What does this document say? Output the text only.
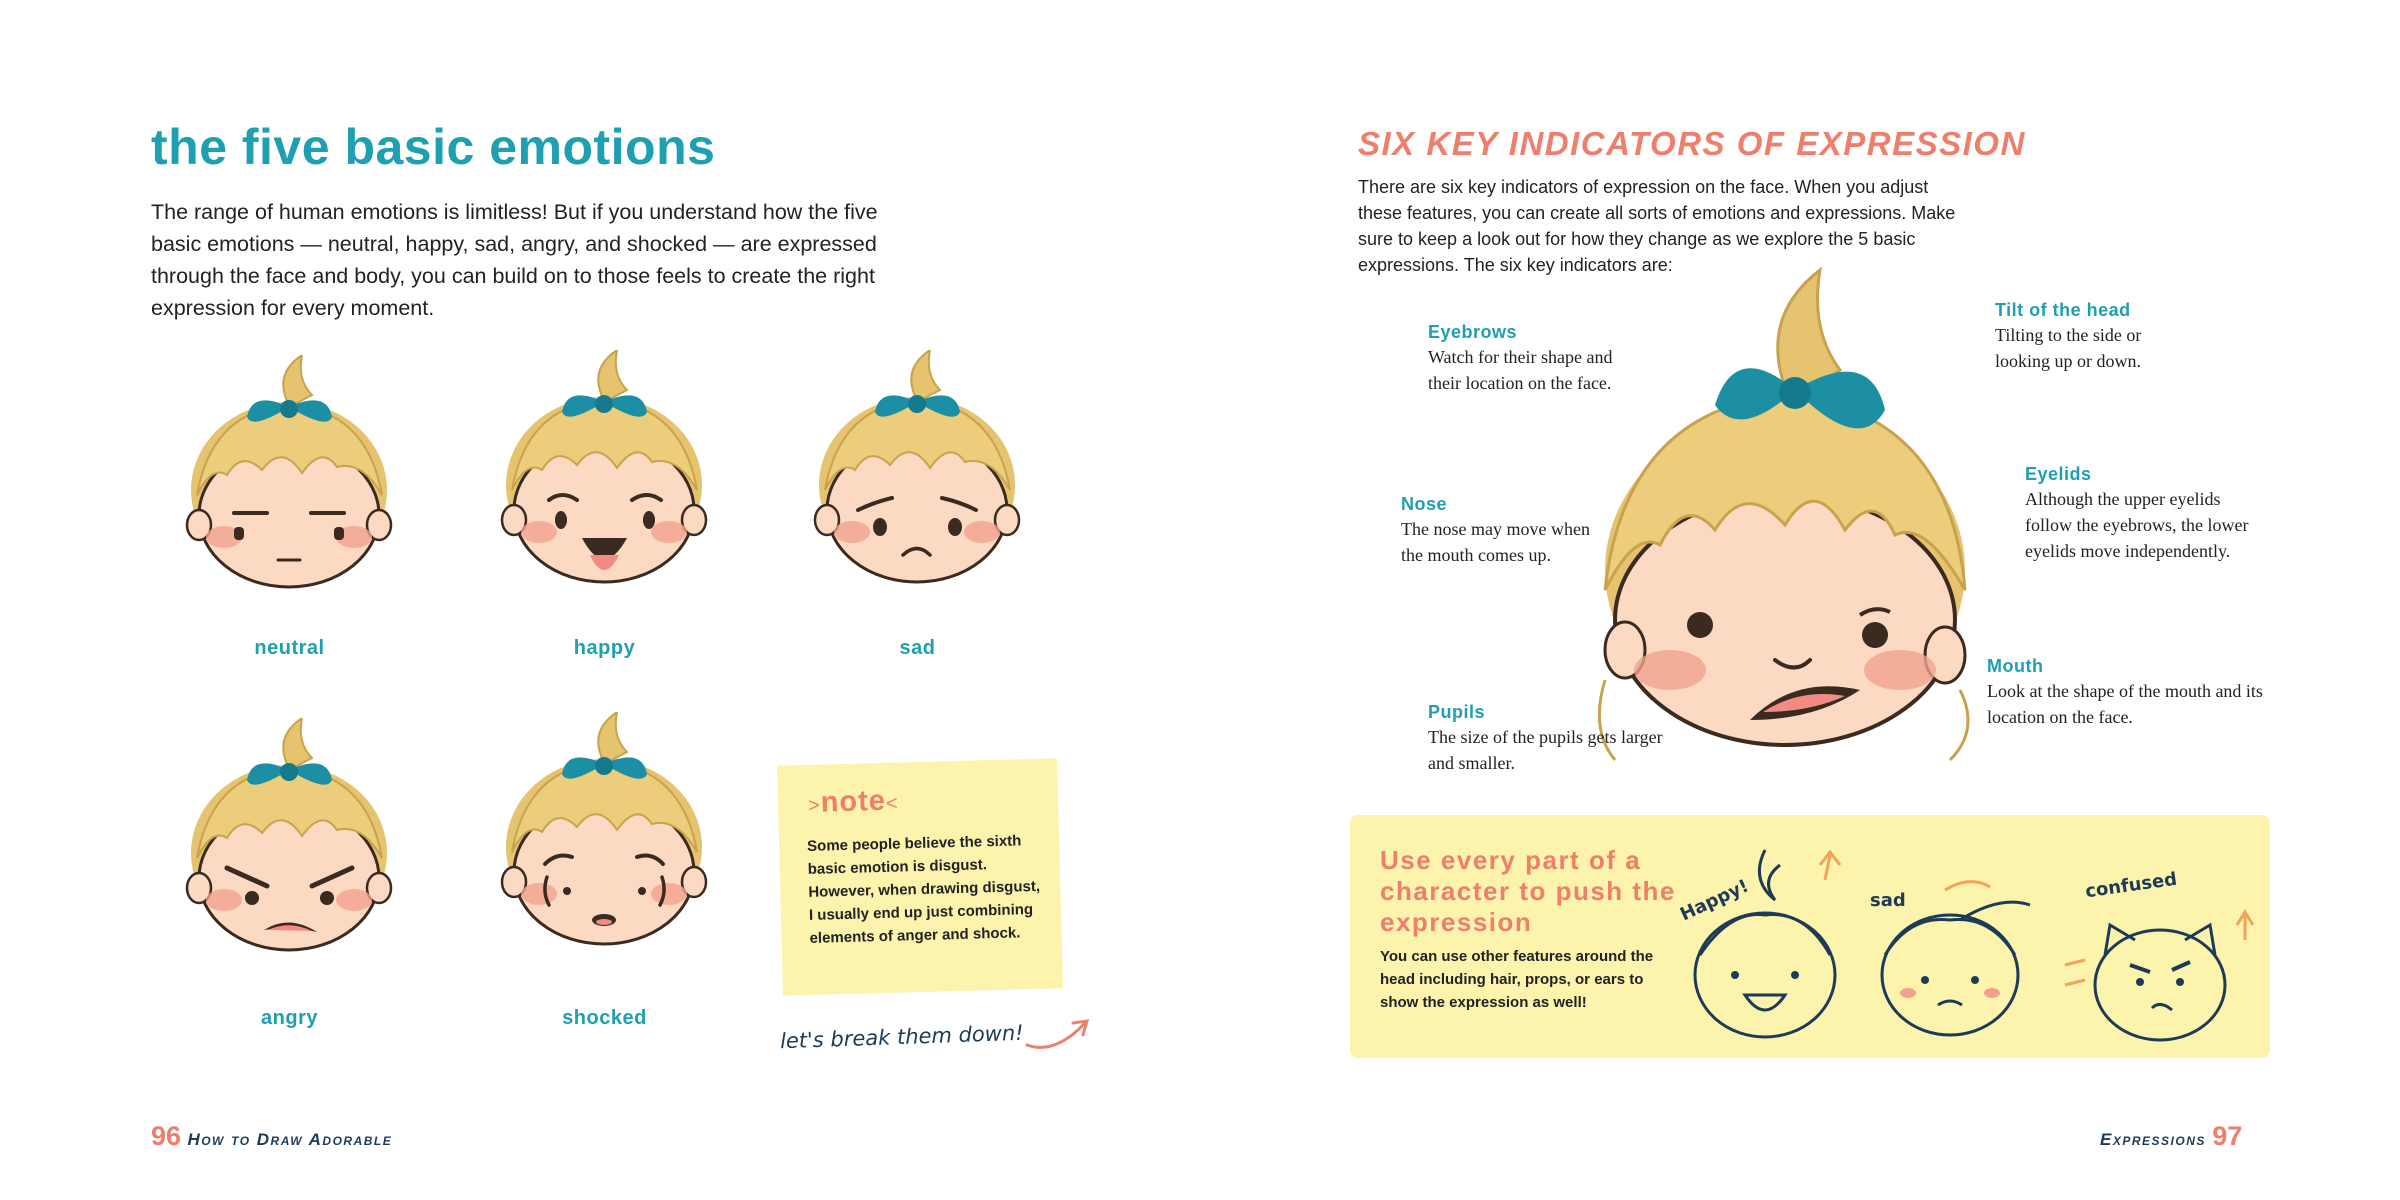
the five basic emotions
The range of human emotions is limitless! But if you understand how the five basic emotions — neutral, happy, sad, angry, and shocked — are expressed through the face and body, you can build on to those feels to create the right expression for every moment.
neutral	happy	sad
angry	shocked
>note<
Some people believe the sixth basic emotion is disgust. However, when drawing disgust, I usually end up just combining elements of anger and shock.
let's break them down!
96 How to Draw Adorable
SIX KEY INDICATORS OF EXPRESSION
There are six key indicators of expression on the face. When you adjust these features, you can create all sorts of emotions and expressions. Make sure to keep a look out for how they change as we explore the 5 basic expressions. The six key indicators are:
Eyebrows
Watch for their shape and their location on the face.
Nose
The nose may move when the mouth comes up.
Pupils
The size of the pupils gets larger and smaller.
Tilt of the head
Tilting to the side or looking up or down.
Eyelids
Although the upper eyelids follow the eyebrows, the lower eyelids move independently.
Mouth
Look at the shape of the mouth and its location on the face.
Use every part of a character to push the expression
You can use other features around the head including hair, props, or ears to show the expression as well!
Happy!	sad	confused
Expressions 97
